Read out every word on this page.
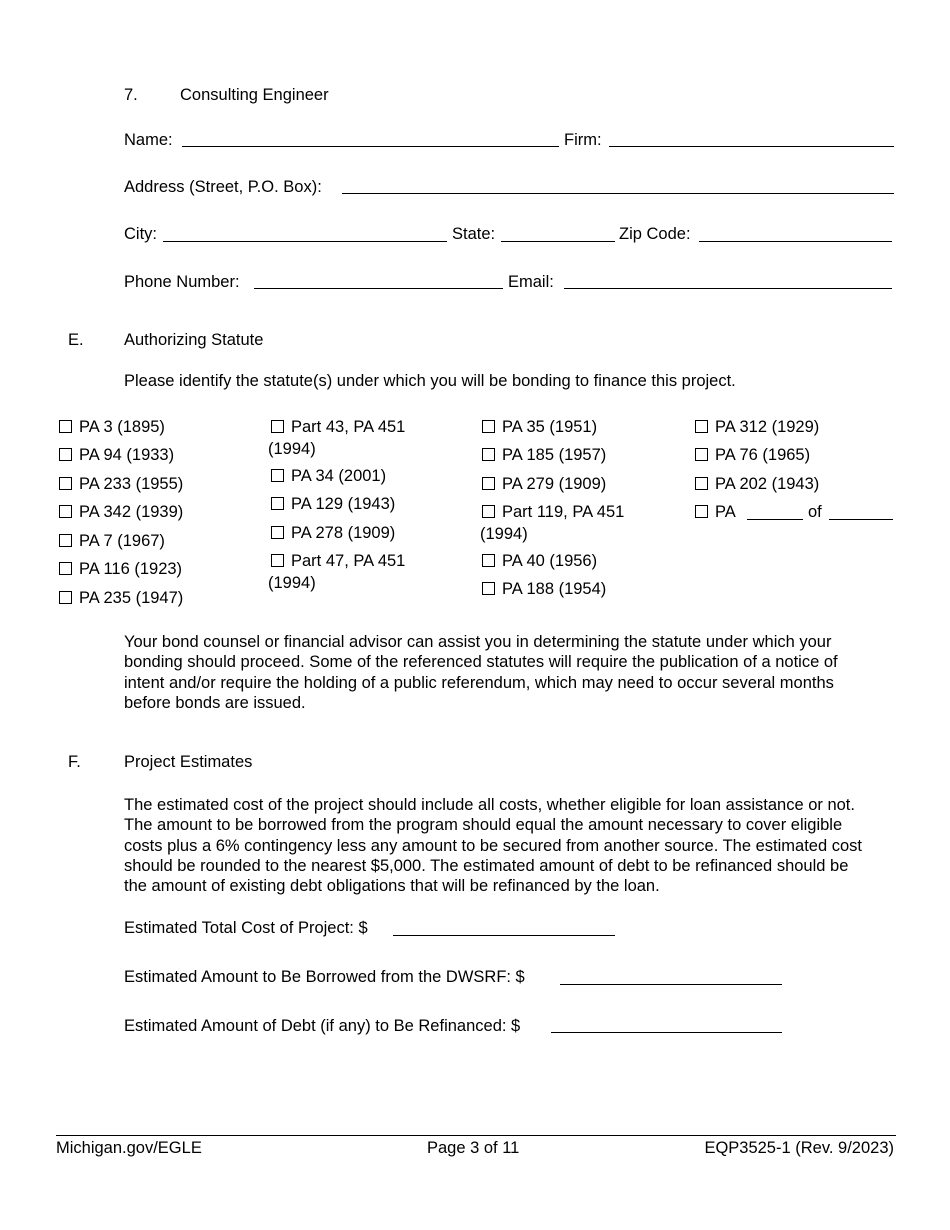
7.	Consulting Engineer
Name:	Firm:
Address (Street, P.O. Box):
City:	State:	Zip Code:
Phone Number:	Email:
E. Authorizing Statute
Please identify the statute(s) under which you will be bonding to finance this project.
PA 3 (1895)
PA 94 (1933)
PA 233 (1955)
PA 342 (1939)
PA 7 (1967)
PA 116 (1923)
PA 235 (1947)
Part 43, PA 451
(1994)
PA 34 (2001)
PA 129 (1943)
PA 278 (1909)
Part 47, PA 451
(1994)
PA 35 (1951)
PA 185 (1957)
PA 279 (1909)
Part 119, PA 451
(1994)
PA 40 (1956)
PA 188 (1954)
PA 312 (1929)
PA 76 (1965)
PA 202 (1943)
PA	of
Your bond counsel or financial advisor can assist you in determining the statute under which your bonding should proceed. Some of the referenced statutes will require the publication of a notice of intent and/or require the holding of a public referendum, which may need to occur several months before bonds are issued.
F.	Project Estimates
The estimated cost of the project should include all costs, whether eligible for loan assistance or not. The amount to be borrowed from the program should equal the amount necessary to cover eligible costs plus a 6% contingency less any amount to be secured from another source. The estimated cost should be rounded to the nearest $5,000. The estimated amount of debt to be refinanced should be the amount of existing debt obligations that will be refinanced by the loan.
Estimated Total Cost of Project: $
Estimated Amount to Be Borrowed from the DWSRF: $
Estimated Amount of Debt (if any) to Be Refinanced: $
Michigan.gov/EGLE	Page 3 of 11	EQP3525-1 (Rev. 9/2023)
